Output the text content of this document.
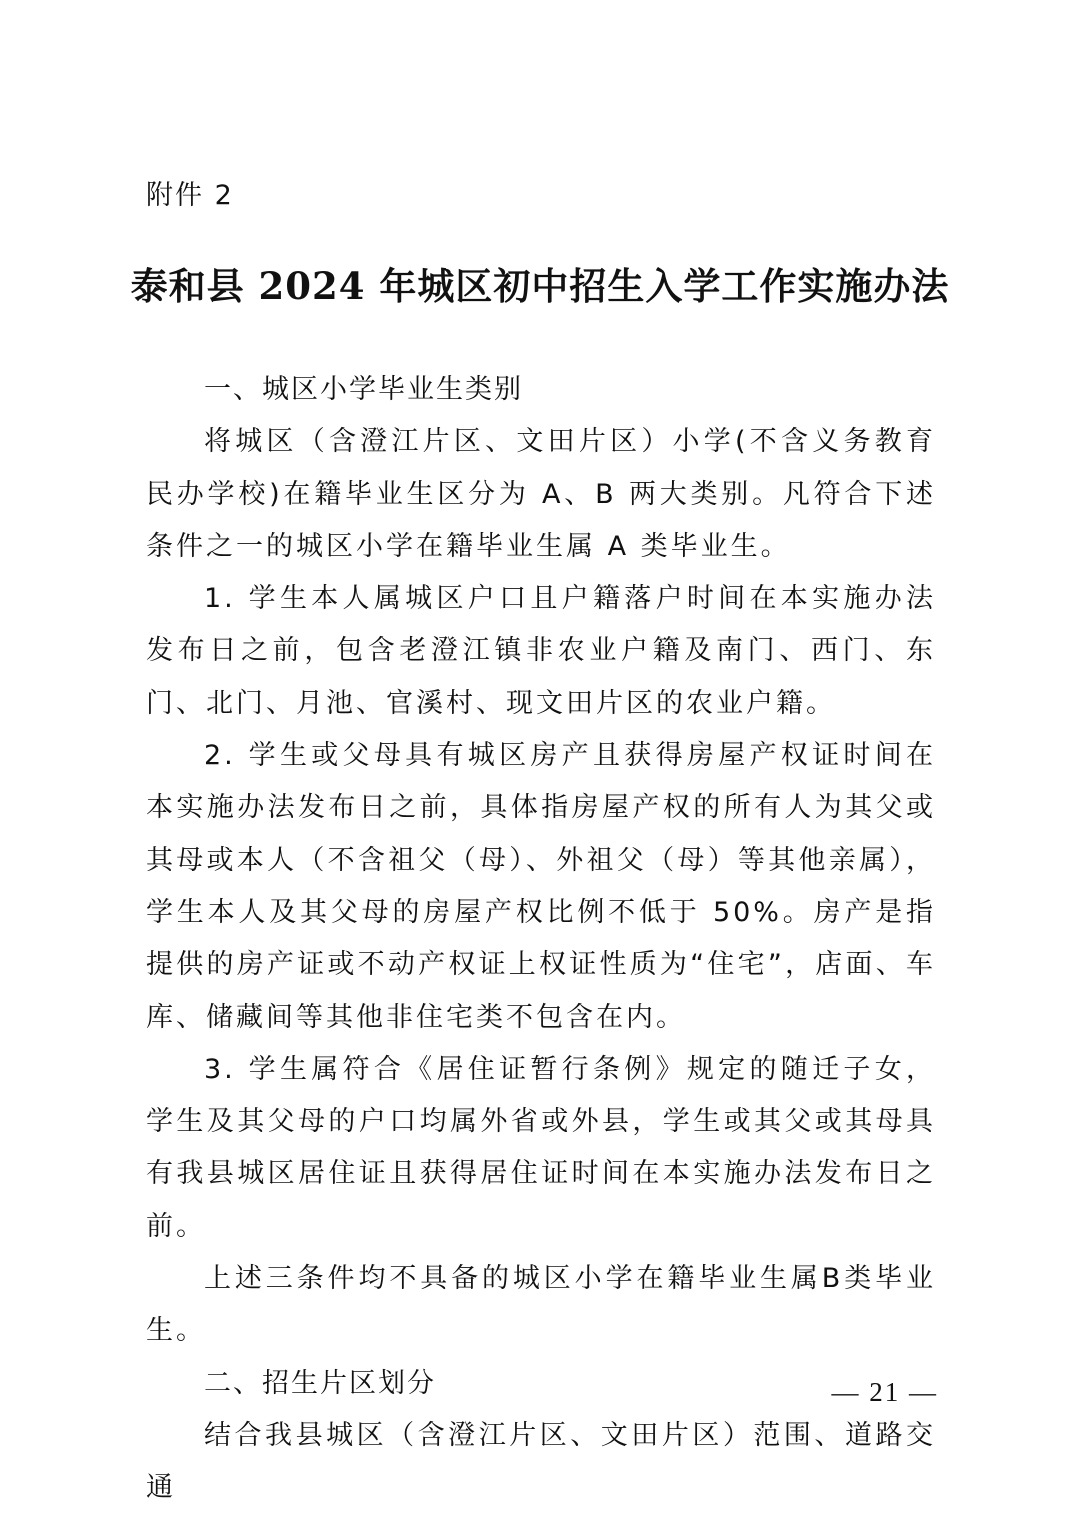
附件 2
泰和县 2024 年城区初中招生入学工作实施办法

一、城区小学毕业生类别

将城区（含澄江片区、文田片区）小学(不含义务教育民办学校)在籍毕业生区分为 A、B 两大类别。凡符合下述条件之一的城区小学在籍毕业生属 A 类毕业生。

1. 学生本人属城区户口且户籍落户时间在本实施办法发布日之前，包含老澄江镇非农业户籍及南门、西门、东门、北门、月池、官溪村、现文田片区的农业户籍。

2. 学生或父母具有城区房产且获得房屋产权证时间在本实施办法发布日之前，具体指房屋产权的所有人为其父或其母或本人（不含祖父（母）、外祖父（母）等其他亲属），学生本人及其父母的房屋产权比例不低于 50%。房产是指提供的房产证或不动产权证上权证性质为“住宅”，店面、车库、储藏间等其他非住宅类不包含在内。

3. 学生属符合《居住证暂行条例》规定的随迁子女，学生及其父母的户口均属外省或外县，学生或其父或其母具有我县城区居住证且获得居住证时间在本实施办法发布日之前。

上述三条件均不具备的城区小学在籍毕业生属B类毕业生。

二、招生片区划分

结合我县城区（含澄江片区、文田片区）范围、道路交通

— 21 —
